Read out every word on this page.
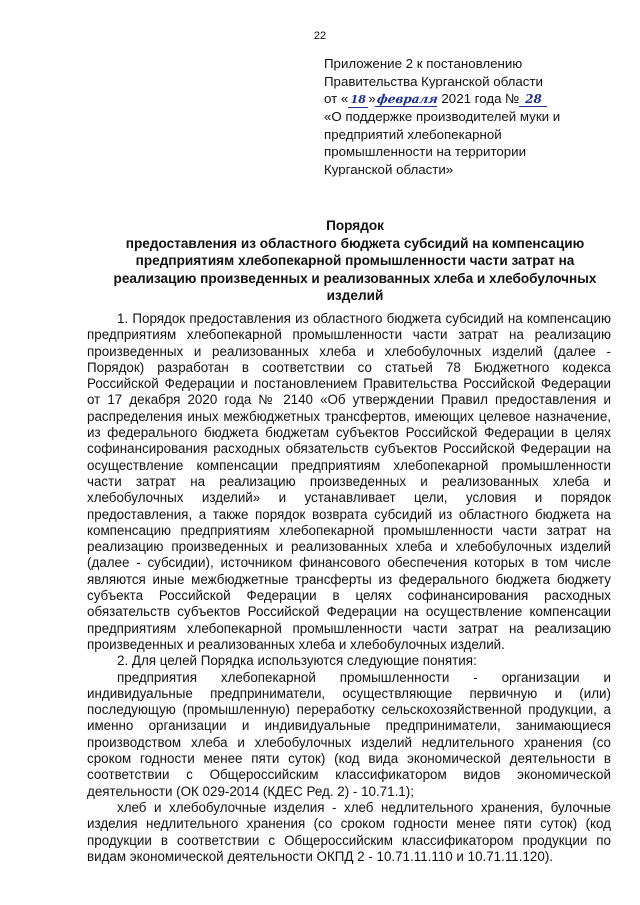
22
Приложение 2 к постановлению
Правительства Курганской области
от « 18 »февраля 2021 года № 28
«О поддержке производителей муки и
предприятий хлебопекарной
промышленности на территории
Курганской области»
Порядок
предоставления из областного бюджета субсидий на компенсацию
предприятиям хлебопекарной промышленности части затрат на
реализацию произведенных и реализованных хлеба и хлебобулочных
изделий

1. Порядок предоставления из областного бюджета субсидий на компенсацию предприятиям хлебопекарной промышленности части затрат на реализацию произведенных и реализованных хлеба и хлебобулочных изделий (далее - Порядок) разработан в соответствии со статьей 78 Бюджетного кодекса Российской Федерации и постановлением Правительства Российской Федерации от 17 декабря 2020 года № 2140 «Об утверждении Правил предоставления и распределения иных межбюджетных трансфертов, имеющих целевое назначение, из федерального бюджета бюджетам субъектов Российской Федерации в целях софинансирования расходных обязательств субъектов Российской Федерации на осуществление компенсации предприятиям хлебопекарной промышленности части затрат на реализацию произведенных и реализованных хлеба и хлебобулочных изделий» и устанавливает цели, условия и порядок предоставления, а также порядок возврата субсидий из областного бюджета на компенсацию предприятиям хлебопекарной промышленности части затрат на реализацию произведенных и реализованных хлеба и хлебобулочных изделий (далее - субсидии), источником финансового обеспечения которых в том числе являются иные межбюджетные трансферты из федерального бюджета бюджету субъекта Российской Федерации в целях софинансирования расходных обязательств субъектов Российской Федерации на осуществление компенсации предприятиям хлебопекарной промышленности части затрат на реализацию произведенных и реализованных хлеба и хлебобулочных изделий.

2. Для целей Порядка используются следующие понятия:

предприятия хлебопекарной промышленности - организации и индивидуальные предприниматели, осуществляющие первичную и (или) последующую (промышленную) переработку сельскохозяйственной продукции, а именно организации и индивидуальные предприниматели, занимающиеся производством хлеба и хлебобулочных изделий недлительного хранения (со сроком годности менее пяти суток) (код вида экономической деятельности в соответствии с Общероссийским классификатором видов экономической деятельности (ОК 029-2014 (КДЕС Ред. 2) - 10.71.1);

хлеб и хлебобулочные изделия - хлеб недлительного хранения, булочные изделия недлительного хранения (со сроком годности менее пяти суток) (код продукции в соответствии с Общероссийским классификатором продукции по видам экономической деятельности ОКПД 2 - 10.71.11.110 и 10.71.11.120).
